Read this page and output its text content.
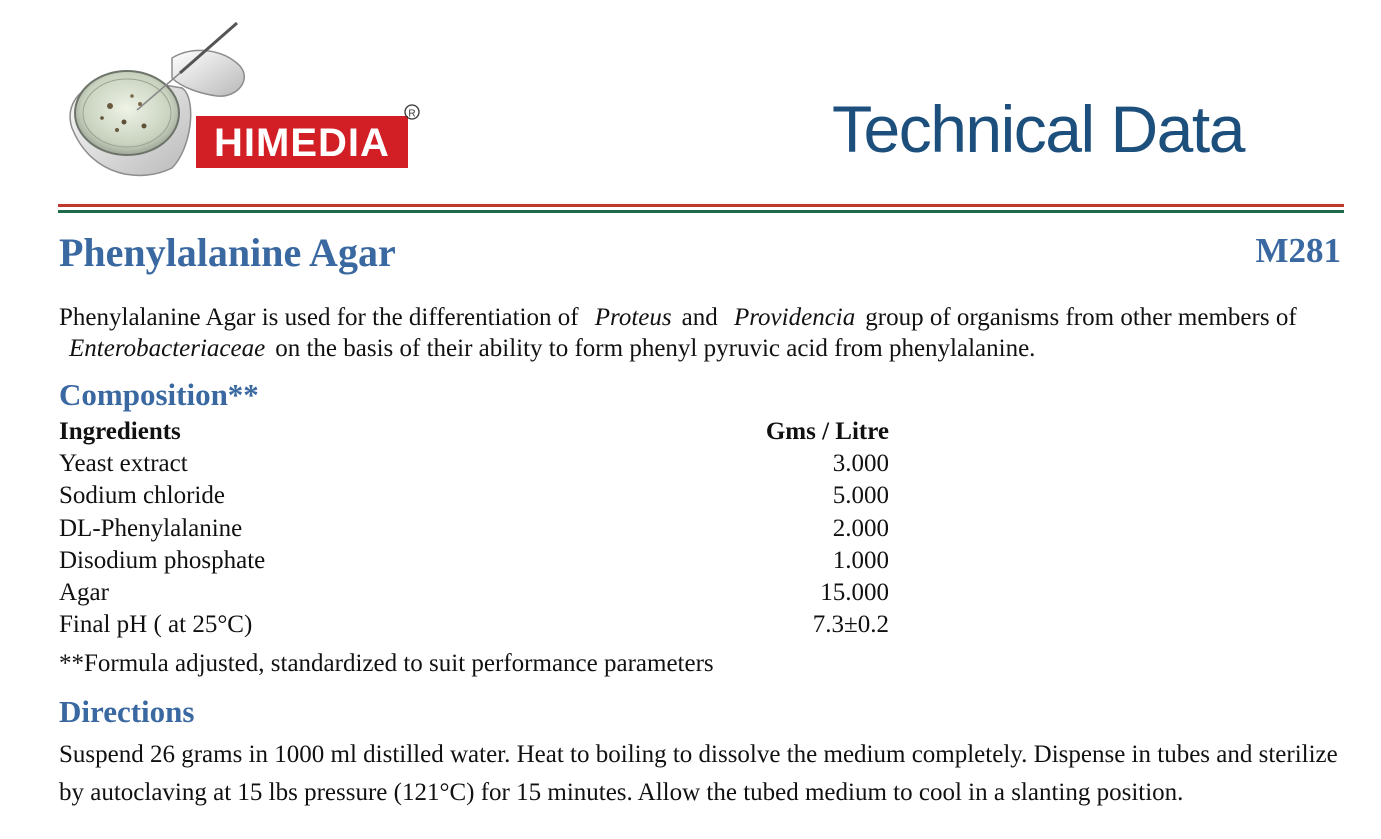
HIMEDIA
R	Technical Data
Phenylalanine Agar	M281

Phenylalanine Agar is used for the differentiation of Proteus and Providencia group of organisms from other members of Enterobacteriaceae on the basis of their ability to form phenyl pyruvic acid from phenylalanine.

Composition**
Ingredients	Gms / Litre
Yeast extract	3.000
Sodium chloride	5.000
DL-Phenylalanine	2.000
Disodium phosphate	1.000
Agar	15.000
Final pH ( at 25°C)	7.3±0.2
**Formula adjusted, standardized to suit performance parameters
Directions

Suspend 26 grams in 1000 ml distilled water. Heat to boiling to dissolve the medium completely. Dispense in tubes and sterilize by autoclaving at 15 lbs pressure (121°C) for 15 minutes. Allow the tubed medium to cool in a slanting position.
